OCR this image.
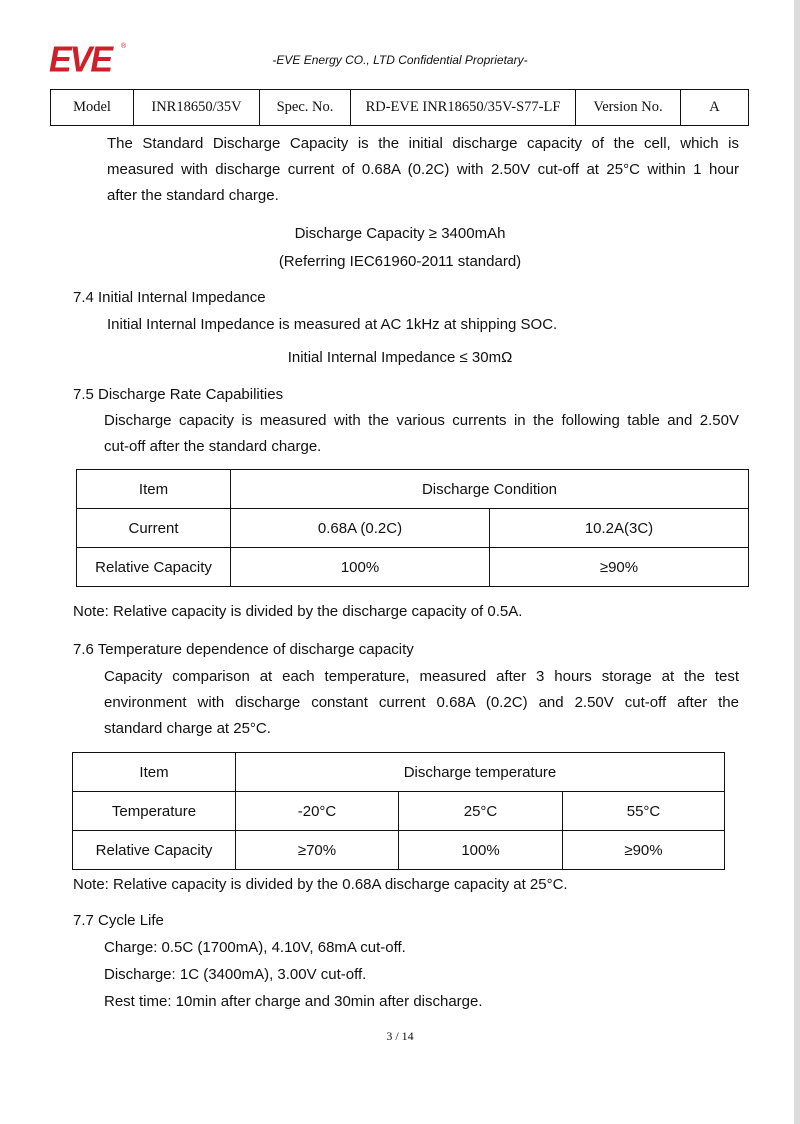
EVE ®
-EVE Energy CO., LTD Confidential Proprietary-
Model	INR18650/35V	Spec. No.	RD-EVE INR18650/35V-S77-LF	Version No.	A
The Standard Discharge Capacity is the initial discharge capacity of the cell, which is
measured with discharge current of 0.68A (0.2C) with 2.50V cut-off at 25°C within 1 hour
after the standard charge.
Discharge Capacity ≥ 3400mAh
(Referring IEC61960-2011 standard)
7.4 Initial Internal Impedance
Initial Internal Impedance is measured at AC 1kHz at shipping SOC.
Initial Internal Impedance ≤ 30mΩ
7.5 Discharge Rate Capabilities
Discharge capacity is measured with the various currents in the following table and 2.50V
cut-off after the standard charge.
Item	Discharge Condition	
Current	0.68A (0.2C)	10.2A(3C)
Relative Capacity	100%	≥90%
Note: Relative capacity is divided by the discharge capacity of 0.5A.
7.6 Temperature dependence of discharge capacity
Capacity comparison at each temperature, measured after 3 hours storage at the test
environment with discharge constant current 0.68A (0.2C) and 2.50V cut-off after the
standard charge at 25°C.
Item	Discharge temperature		
Temperature	-20°C	25°C	55°C
Relative Capacity	≥70%	100%	≥90%
Note: Relative capacity is divided by the 0.68A discharge capacity at 25°C.
7.7 Cycle Life
Charge: 0.5C (1700mA), 4.10V, 68mA cut-off.
Discharge: 1C (3400mA), 3.00V cut-off.
Rest time: 10min after charge and 30min after discharge.
3 / 14
